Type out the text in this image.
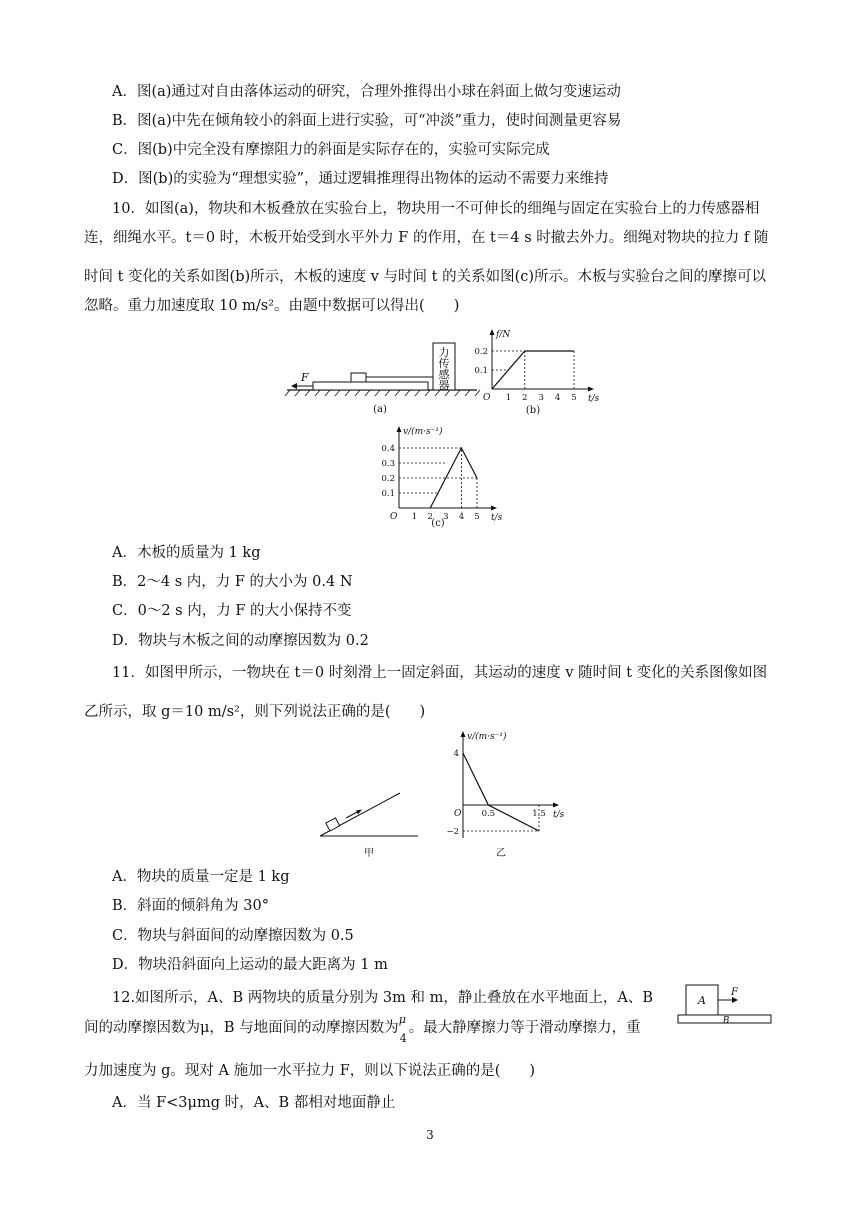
A．图(a)通过对自由落体运动的研究，合理外推得出小球在斜面上做匀变速运动
B．图(a)中先在倾角较小的斜面上进行实验，可“冲淡”重力，使时间测量更容易
C．图(b)中完全没有摩擦阻力的斜面是实际存在的，实验可实际完成
D．图(b)的实验为“理想实验”，通过逻辑推理得出物体的运动不需要力来维持
10．如图(a)，物块和木板叠放在实验台上，物块用一不可伸长的细绳与固定在实验台上的力传感器相
连，细绳水平。t＝0 时，木板开始受到水平外力 F 的作用，在 t＝4 s 时撤去外力。细绳对物块的拉力 f 随
时间 t 变化的关系如图(b)所示，木板的速度 v 与时间 t 的关系如图(c)所示。木板与实验台之间的摩擦可以
忽略。重力加速度取 10 m/s²。由题中数据可以得出(　　)
力
传
感
器
F
(a)
f/N
t/s
O 1 2 3 4 5
0.1
0.2
(b)
v/(m·s⁻¹)
t/s
O 1 2 3 4 5
0.1
0.2
0.3
0.4
(c)
A．木板的质量为 1 kg
B．2～4 s 内，力 F 的大小为 0.4 N
C．0～2 s 内，力 F 的大小保持不变
D．物块与木板之间的动摩擦因数为 0.2
11．如图甲所示，一物块在 t＝0 时刻滑上一固定斜面，其运动的速度 v 随时间 t 变化的关系图像如图
乙所示，取 g＝10 m/s²，则下列说法正确的是(　　)
甲
v/(m·s⁻¹)
t/s
O 0.5	1.5
4
−2
乙
A．物块的质量一定是 1 kg
B．斜面的倾斜角为 30°
C．物块与斜面间的动摩擦因数为 0.5
D．物块沿斜面向上运动的最大距离为 1 m
12.如图所示，A、B 两物块的质量分别为 3m 和 m，静止叠放在水平地面上，A、B
间的动摩擦因数为μ，B 与地面间的动摩擦因数为
μ
4
。最大静摩擦力等于滑动摩擦力，重
力加速度为 g。现对 A 施加一水平拉力 F，则以下说法正确的是(　　)
A
B
F
A．当 F<3μmg 时，A、B 都相对地面静止
3
